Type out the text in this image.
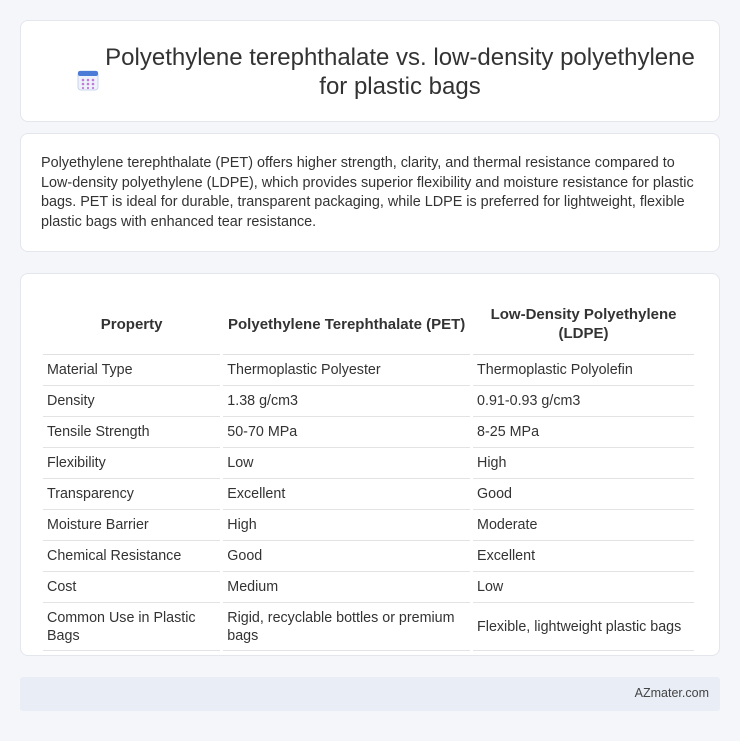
Polyethylene terephthalate vs. low-density polyethylene for plastic bags

Polyethylene terephthalate (PET) offers higher strength, clarity, and thermal resistance compared to Low-density polyethylene (LDPE), which provides superior flexibility and moisture resistance for plastic bags. PET is ideal for durable, transparent packaging, while LDPE is preferred for lightweight, flexible plastic bags with enhanced tear resistance.

Property	Polyethylene Terephthalate (PET)	Low-Density Polyethylene (LDPE)
Material Type	Thermoplastic Polyester	Thermoplastic Polyolefin
Density	1.38 g/cm3	0.91-0.93 g/cm3
Tensile Strength	50-70 MPa	8-25 MPa
Flexibility	Low	High
Transparency	Excellent	Good
Moisture Barrier	High	Moderate
Chemical Resistance	Good	Excellent
Cost	Medium	Low
Common Use in Plastic Bags	Rigid, recyclable bottles or premium bags	Flexible, lightweight plastic bags
AZmater.com
